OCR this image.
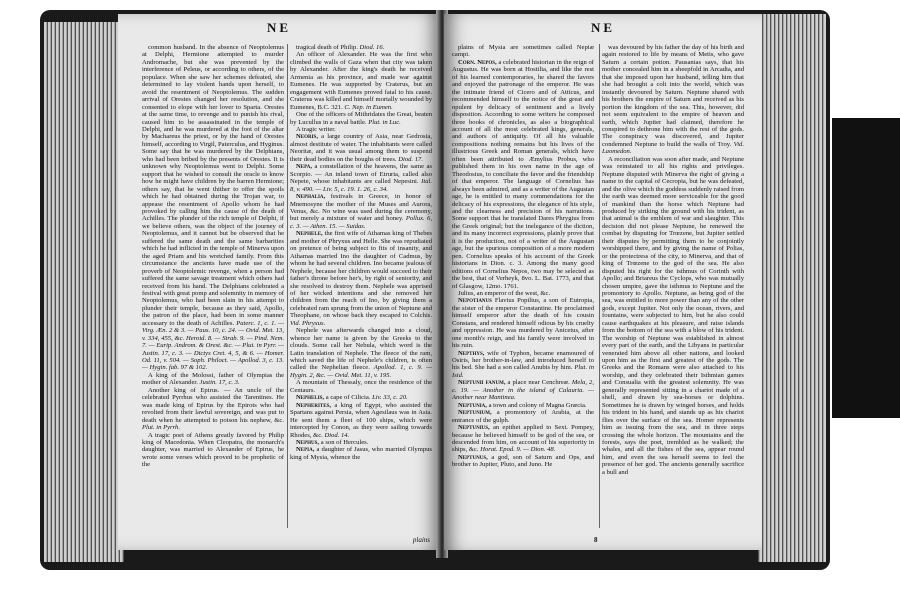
NE

common husband. In the absence of Neoptolemus at Delphi, Hermione attempted to murder Andromache, but she was prevented by the interference of Peleus, or according to others, of the populace. When she saw her schemes defeated, she determined to lay violent hands upon herself, to avoid the resentment of Neoptolemus. The sudden arrival of Orestes changed her resolution, and she consented to elope with her lover to Sparta. Orestes at the same time, to revenge and to punish his rival, caused him to be assassinated in the temple of Delphi, and he was murdered at the foot of the altar by Machareus the priest, or by the hand of Orestes himself, according to Virgil, Paterculus, and Hyginus. Some say that he was murdered by the Delphians, who had been bribed by the presents of Orestes. It is unknown why Neoptolemus went to Delphi. Some support that he wished to consult the oracle to know how he might have children by the barren Hermione; others say, that he went thither to offer the spoils which he had obtained during the Trojan war, to appease the resentment of Apollo whom he had provoked by calling him the cause of the death of Achilles. The plunder of the rich temple of Delphi, if we believe others, was the object of the journey of Neoptolemus, and it cannot but be observed that he suffered the same death and the same barbarities which he had inflicted in the temple of Minerva upon the aged Priam and his wretched family. From this circumstance the ancients have made use of the proverb of Neoptolemic revenge, when a person had suffered the same savage treatment which others had received from his hand. The Delphians celebrated a festival with great pomp and solemnity in memory of Neoptolemus, who had been slain in his attempt to plunder their temple, because as they said, Apollo, the patron of the place, had been in some manner accessary to the death of Achilles. Paterc. 1, c. 1. — Virg. Æn. 2 & 3. — Paus. 10, c. 24. — Ovid. Met. 13, v. 334, 455, &c. Heroid. 8. — Strab. 9. — Pind. Nem. 7. — Eurip. Androm. & Orest. &c. — Plut. in Pyrr. — Justin. 17, c. 3. — Dictys Cret. 4, 5, & 6. — Homer. Od. 11, v. 504. — Soph. Philoct. — Apollod. 3, c. 13. — Hygin. fab. 97 & 102.

A king of the Molossi, father of Olympias the mother of Alexander. Justin. 17, c. 3.

Another king of Epirus. — An uncle of the celebrated Pyrrhus who assisted the Tarentines. He was made king of Epirus by the Epirots who had revolted from their lawful sovereign, and was put to death when he attempted to poison his nephew, &c. Plut. in Pyrrh.

A tragic poet of Athens greatly favored by Philip king of Macedonia. When Cleopatra, the monarch's daughter, was married to Alexander of Epirus, he wrote some verses which proved to be prophetic of the

tragical death of Philip. Diod. 16.

An officer of Alexander. He was the first who climbed the walls of Gaza when that city was taken by Alexander. After the king's death he received Armenia as his province, and made war against Eumenes. He was supported by Craterus, but an engagement with Eumenes proved fatal to his cause. Craterus was killed and himself mortally wounded by Eumenes, B.C. 321. C. Nep. in Eumen.

One of the officers of Mithridates the Great, beaten by Lucullus in a naval battle. Plut. in Luc.

A tragic writer.

Neoris, a large country of Asia, near Gedrosia, almost destitute of water. The inhabitants were called Neoritæ, and it was usual among them to suspend their dead bodies on the boughs of trees. Diod. 17.

Nepa, a constellation of the heavens, the same as Scorpio. — An inland town of Etruria, called also Nepete, whose inhabitants are called Nepesini. Ital. 8, v. 490. — Liv. 5, c. 19. 1. 26, c. 34.

Nephalia, festivals in Greece, in honor of Mnemosyne the mother of the Muses and Aurora, Venus, &c. No wine was used during the ceremony, but merely a mixture of water and honey. Pollux. 6, c. 3. — Athen. 15. — Suidas.

Nephele, the first wife of Athamas king of Thebes and mother of Phryxus and Helle. She was repudiated on pretence of being subject to fits of insanity, and Athamas married Ino the daughter of Cadmus, by whom he had several children. Ino became jealous of Nephele, because her children would succeed to their father's throne before her's, by right of seniority, and she resolved to destroy them. Nephele was apprised of her wicked intentions and she removed her children from the reach of Ino, by giving them a celebrated ram sprung from the union of Neptune and Theophane, on whose back they escaped to Colchis. Vid. Phryxus.

Nephele was afterwards changed into a cloud, whence her name is given by the Greeks to the clouds. Some call her Nebula, which word is the Latin translation of Nephele. The fleece of the ram, which saved the life of Nephele's children, is often called the Nephelian fleece. Apollod. 1, c. 9. — Hygin. 2, &c. — Ovid. Met. 11, v. 195.

A mountain of Thessaly, once the residence of the Centaurs.

Nephelis, a cape of Cilicia. Liv. 33, c. 20.

Nepherites, a king of Egypt, who assisted the Spartans against Persia, when Agesilaus was in Asia. He sent them a fleet of 100 ships, which were intercepted by Conon, as they were sailing towards Rhodes, &c. Diod. 14.

Nephus, a son of Hercules.

Nepia, a daughter of Jasus, who married Olympus king of Mysia, whence the

plains
NE

plains of Mysia are sometimes called Nepiæ campi.

Corn. Nepos, a celebrated historian in the reign of Augustus. He was born at Hostilia, and like the rest of his learned contemporaries, he shared the favors and enjoyed the patronage of the emperor. He was the intimate friend of Cicero and of Atticus, and recommended himself to the notice of the great and opulent by delicacy of sentiment and a lively disposition. According to some writers he composed three books of chronicles, as also a biographical account of all the most celebrated kings, generals, and authors of antiquity. Of all his valuable compositions nothing remains but his lives of the illustrious Greek and Roman generals, which have often been attributed to Æmylius Probus, who published them in his own name in the age of Theodosius, to conciliate the favor and the friendship of that emperor. The language of Cornelius has always been admired, and as a writer of the Augustan age, he is entitled to many commendations for the delicacy of his expressions, the elegance of his style, and the clearness and precision of his narrations. Some support that he translated Dares Phrygius from the Greek original; but the inelegance of the diction, and its many incorrect expressions, plainly prove that it is the production, not of a writer of the Augustan age, but the spurious composition of a more modern pen. Cornelius speaks of his account of the Greek historians in Dion. c. 3. Among the many good editions of Cornelius Nepos, two may be selected as the best, that of Verheyk, 8vo. L. Bat. 1773, and that of Glasgow, 12mo. 1761.

Julius, an emperor of the west, &c.

Nepotianus Flavius Popilius, a son of Eutropia, the sister of the emperor Constantine. He proclaimed himself emperor after the death of his cousin Constans, and rendered himself odious by his cruelty and oppression. He was murdered by Anicetus, after one month's reign, and his family were involved in his ruin.

Nepthys, wife of Typhon, became enamoured of Osiris, her brother-in-law, and introduced herself to his bed. She had a son called Anubis by him. Plut. in Isid.

Neptunii fanum, a place near Cenchreæ. Mela, 2, c. 19. — Another in the island of Calauria. — Another near Mantinea.

Neptunia, a town and colony of Magna Græcia.

Neptunium, a promontory of Arabia, at the entrance of the gulph.

Neptunius, an epithet applied to Sext. Pompey, because he believed himself to be god of the sea, or descended from him, on account of his superiority in ships, &c. Horat. Epod. 9. — Dion. 48.

Neptunus, a god, son of Saturn and Ops, and brother to Jupiter, Pluto, and Juno. He

was devoured by his father the day of his birth and again restored to life by means of Metis, who gave Saturn a certain potion. Pausanias says, that his mother concealed him in a sheepfold in Arcadia, and that she imposed upon her husband, telling him that she had brought a colt into the world, which was instantly devoured by Saturn. Neptune shared with his brothers the empire of Saturn and received as his portion the kingdom of the sea. This, however, did not seem equivalent to the empire of heaven and earth, which Jupiter had claimed, therefore he conspired to dethrone him with the rest of the gods. The conspiracy was discovered, and Jupiter condemned Neptune to build the walls of Troy. Vid. Laomedon.

A reconciliation was soon after made, and Neptune was reinstated to all his rights and privileges. Neptune disputed with Minerva the right of giving a name to the capital of Cecropia, but he was defeated, and the olive which the goddess suddenly raised from the earth was deemed more serviceable for the good of mankind than the horse which Neptune had produced by striking the ground with his trident, as that animal is the emblem of war and slaughter. This decision did not please Neptune, he renewed the combat by disputing for Trœzene, but Jupiter settled their disputes by permitting them to be conjointly worshipped there, and by giving the name of Polias, or the protectress of the city, to Minerva, and that of king of Trœzene to the god of the sea. He also disputed his right for the isthmus of Corinth with Apollo; and Briareus the Cyclops, who was mutually chosen umpire, gave the isthmus to Neptune and the promontory to Apollo. Neptune, as being god of the sea, was entitled to more power than any of the other gods, except Jupiter. Not only the ocean, rivers, and fountains, were subjected to him, but he also could cause earthquakes at his pleasure, and raise islands from the bottom of the sea with a blow of his trident. The worship of Neptune was established in almost every part of the earth, and the Libyans in particular venerated him above all other nations, and looked upon him as the first and greatest of the gods. The Greeks and the Romans were also attached to his worship, and they celebrated their Isthmian games and Consualia with the greatest solemnity. He was generally represented sitting in a chariot made of a shell, and drawn by sea-horses or dolphins. Sometimes he is drawn by winged horses, and holds his trident in his hand, and stands up as his chariot flies over the surface of the sea. Homer represents him as issuing from the sea, and in three steps crossing the whole horizon. The mountains and the forests, says the poet, trembled as he walked; the whales, and all the fishes of the sea, appear round him, and even the sea herself seems to feel the presence of her god. The ancients generally sacrifice a bull and

8
